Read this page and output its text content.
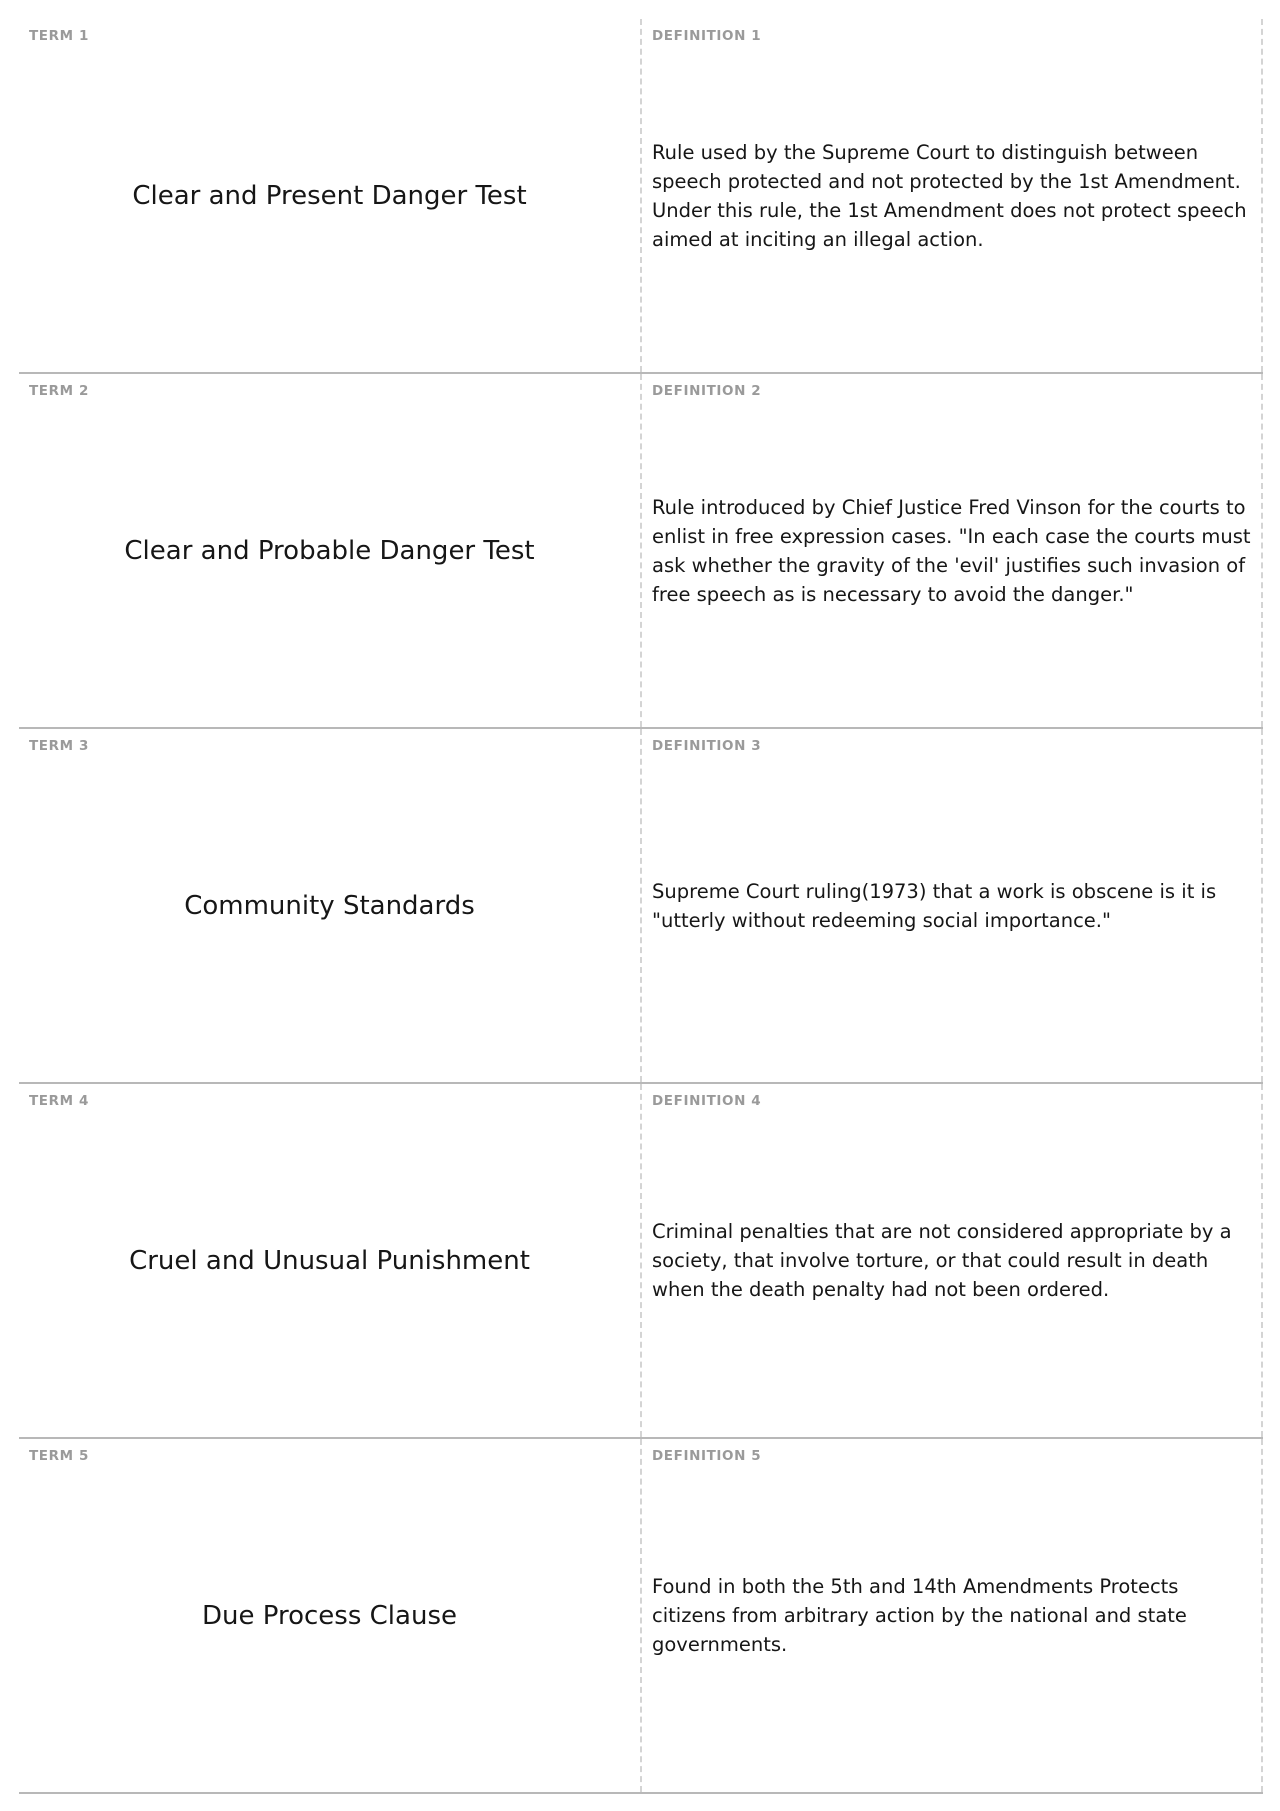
TERM 1
Clear and Present Danger Test
DEFINITION 1
Rule used by the Supreme Court to distinguish between speech protected and not protected by the 1st Amendment. Under this rule, the 1st Amendment does not protect speech aimed at inciting an illegal action.
TERM 2
Clear and Probable Danger Test
DEFINITION 2
Rule introduced by Chief Justice Fred Vinson for the courts to enlist in free expression cases. "In each case the courts must ask whether the gravity of the 'evil' justifies such invasion of free speech as is necessary to avoid the danger."
TERM 3
Community Standards
DEFINITION 3
Supreme Court ruling(1973) that a work is obscene is it is "utterly without redeeming social importance."
TERM 4
Cruel and Unusual Punishment
DEFINITION 4
Criminal penalties that are not considered appropriate by a society, that involve torture, or that could result in death when the death penalty had not been ordered.
TERM 5
Due Process Clause
DEFINITION 5
Found in both the 5th and 14th Amendments Protects citizens from arbitrary action by the national and state governments.
